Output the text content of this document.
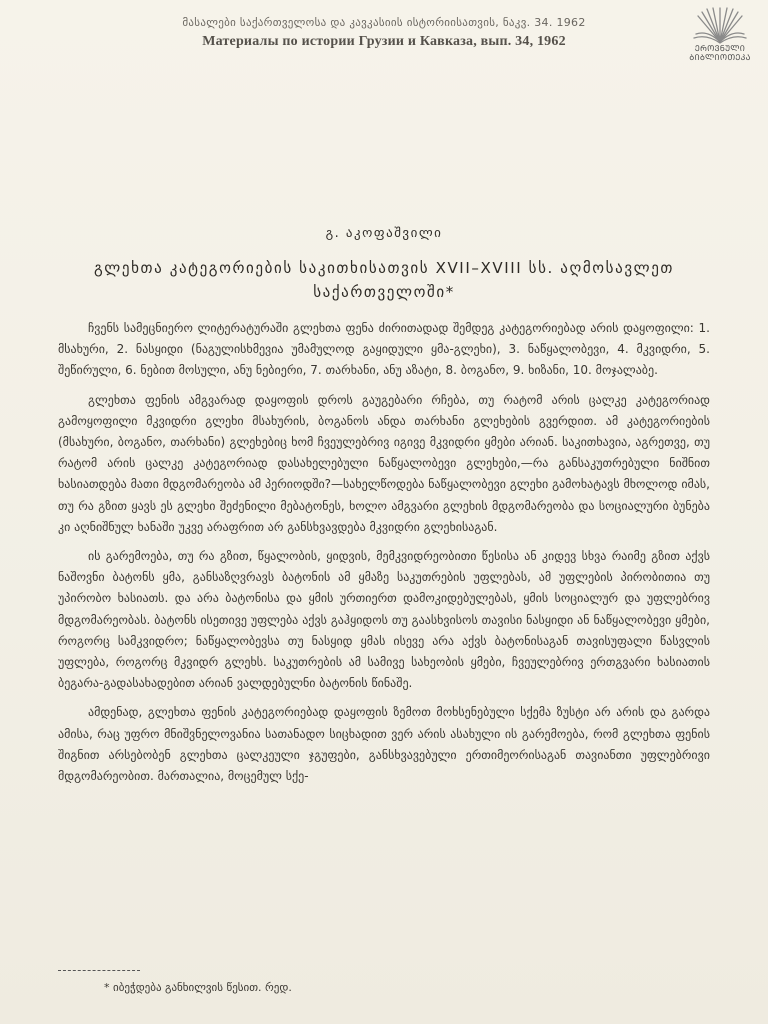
მასალები საქართველოსა და კავკასიის ისტორიისათვის, ნაკვ. 34. 1962
Материалы по истории Грузии и Кавказа, вып. 34, 1962	ᲔᲠᲝᲕᲜᲣᲚᲘ
ᲑᲘᲑᲚᲘᲝᲗᲔᲙᲐ
გ. აკოფაშვილი
გლეხთა კატეგორიების საკითხისათვის XVII–XVIII სს. აღმოსავლეთ საქართველოში*

ჩვენს სამეცნიერო ლიტერატურაში გლეხთა ფენა ძირითადად შემდეგ კატეგორიებად არის დაყოფილი: 1. მსახური, 2. ნასყიდი (ნაგულისხმევია უმამულოდ გაყიდული ყმა-გლეხი), 3. ნაწყალობევი, 4. მკვიდრი, 5. შეწირული, 6. ნებით მოსული, ანუ ნებიერი, 7. თარხანი, ანუ აზატი, 8. ბოგანო, 9. ხიზანი, 10. მოჯალაბე.

გლეხთა ფენის ამგვარად დაყოფის დროს გაუგებარი რჩება, თუ რატომ არის ცალკე კატეგორიად გამოყოფილი მკვიდრი გლეხი მსახურის, ბოგანოს ანდა თარხანი გლეხების გვერდით. ამ კატეგორიების (მსახური, ბოგანო, თარხანი) გლეხებიც ხომ ჩვეულებრივ იგივე მკვიდრი ყმები არიან. საკითხავია, აგრეთვე, თუ რატომ არის ცალკე კატეგორიად დასახელებული ნაწყალობევი გლეხები,—რა განსაკუთრებული ნიშნით ხასიათდება მათი მდგომარეობა ამ პერიოდში?—სახელწოდება ნაწყალობევი გლეხი გამოხატავს მხოლოდ იმას, თუ რა გზით ყავს ეს გლეხი შეძენილი მებატონეს, ხოლო ამგვარი გლეხის მდგომარეობა და სოციალური ბუნება კი აღნიშნულ ხანაში უკვე არაფრით არ განსხვავდება მკვიდრი გლეხისაგან.

ის გარემოება, თუ რა გზით, წყალობის, ყიდვის, მემკვიდრეობითი წესისა ან კიდევ სხვა რაიმე გზით აქვს ნაშოვნი ბატონს ყმა, განსაზღვრავს ბატონის ამ ყმაზე საკუთრების უფლებას, ამ უფლების პირობითია თუ უპირობო ხასიათს. და არა ბატონისა და ყმის ურთიერთ დამოკიდებულებას, ყმის სოციალურ და უფლებრივ მდგომარეობას. ბატონს ისეთივე უფლება აქვს გაჰყიდოს თუ გაასხვისოს თავისი ნასყიდი ან ნაწყალობევი ყმები, როგორც სამკვიდრო; ნაწყალობევსა თუ ნასყიდ ყმას ისევე არა აქვს ბატონისაგან თავისუფალი წასვლის უფლება, როგორც მკვიდრ გლეხს. საკუთრების ამ სამივე სახეობის ყმები, ჩვეულებრივ ერთგვარი ხასიათის ბეგარა-გადასახადებით არიან ვალდებულნი ბატონის წინაშე.

ამდენად, გლეხთა ფენის კატეგორიებად დაყოფის ზემოთ მოხსენებული სქემა ზუსტი არ არის და გარდა ამისა, რაც უფრო მნიშვნელოვანია სათანადო სიცხადით ვერ არის ასახული ის გარემოება, რომ გლეხთა ფენის შიგნით არსებობენ გლეხთა ცალკეული ჯგუფები, განსხვავებული ერთიმეორისაგან თავიანთი უფლებრივი მდგომარეობით. მართალია, მოცემულ სქე-

* იბეჭდება განხილვის წესით. რედ.
